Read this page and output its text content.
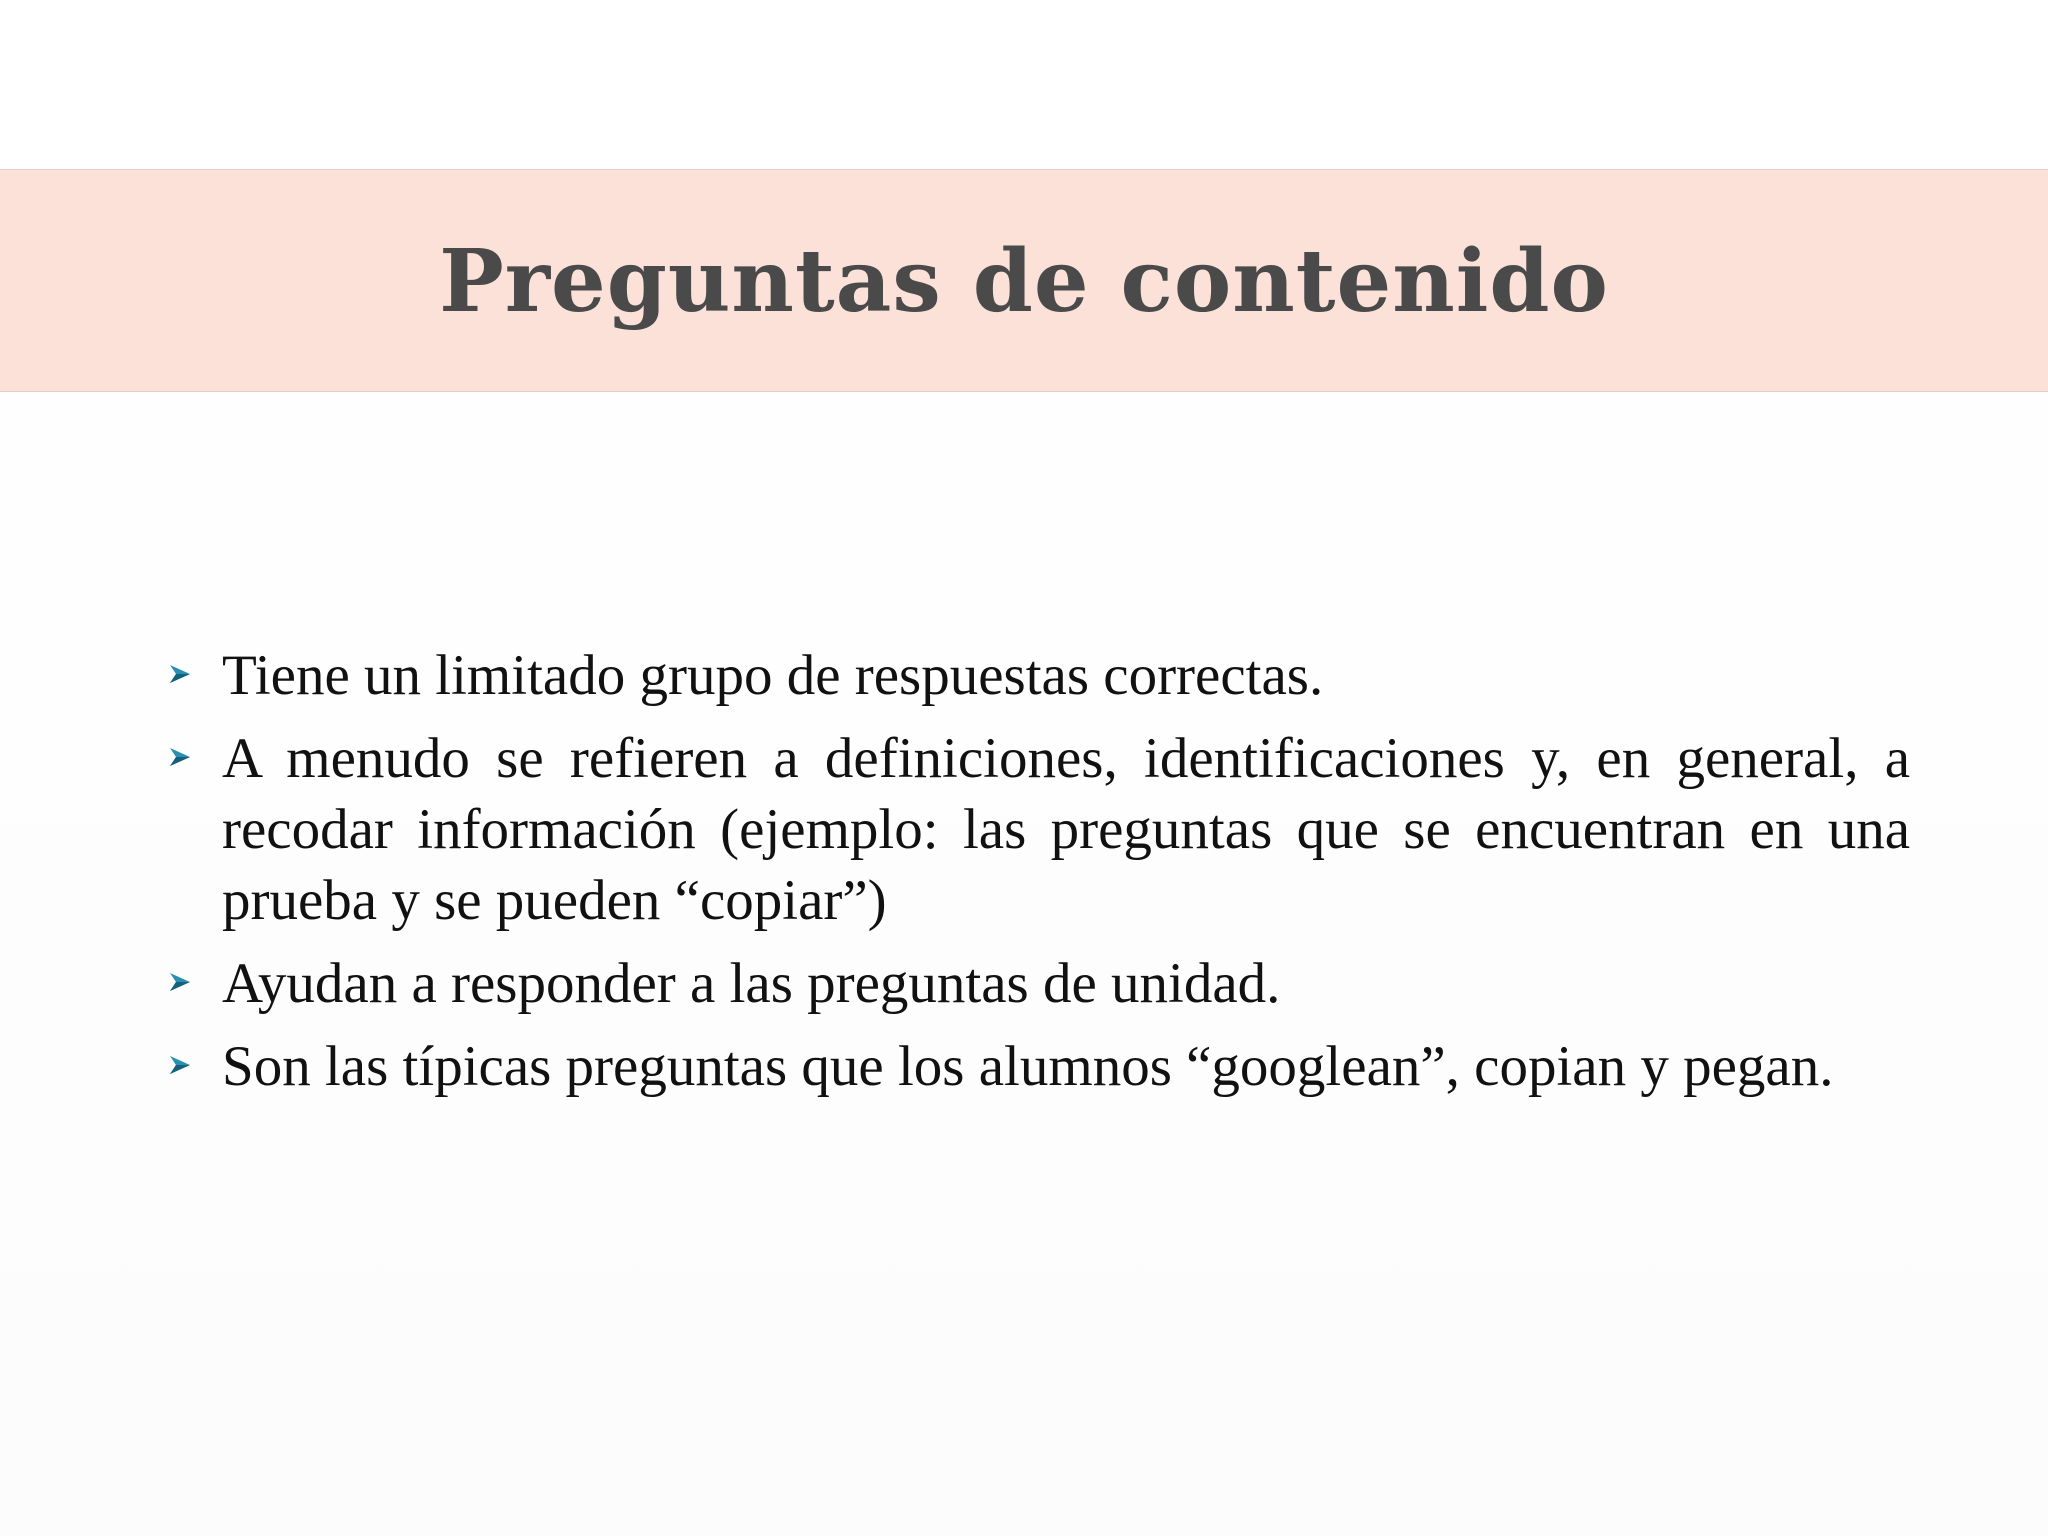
Preguntas de contenido
Tiene un limitado grupo de respuestas correctas.
A menudo se refieren a definiciones, identificaciones y, en general, a recodar información (ejemplo: las preguntas que se encuentran en una prueba y se pueden “copiar”)
Ayudan a responder a las preguntas de unidad.
Son las típicas preguntas que los alumnos “googlean”, copian y pegan.
